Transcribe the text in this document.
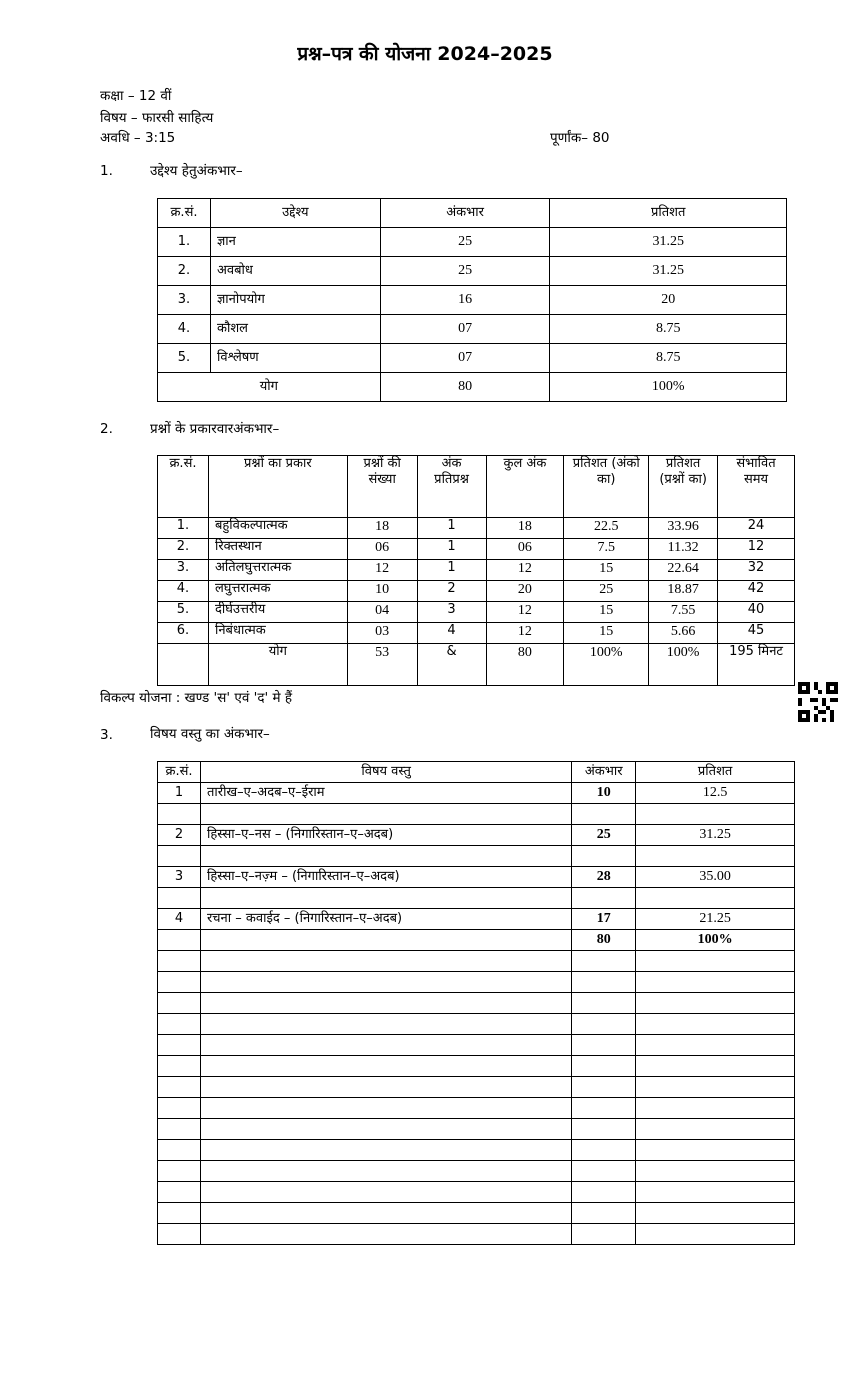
प्रश्न–पत्र की योजना 2024–2025
कक्षा – 12 वीं
विषय – फारसी साहित्य
अवधि – 3:15	पूर्णांक– 80
1.	उद्देश्य हेतुअंकभार–
क्र.सं.	उद्देश्य	अंकभार	प्रतिशत
1.	ज्ञान	25	31.25
2.	अवबोध	25	31.25
3.	ज्ञानोपयोग	16	20
4.	कौशल	07	8.75
5.	विश्लेषण	07	8.75
योग		80	100%
2.	प्रश्नों के प्रकारवारअंकभार–
क्र.सं.	प्रश्नों का प्रकार	प्रश्नों की संख्या	अंक प्रतिप्रश्न	कुल अंक	प्रतिशत (अंको का)	प्रतिशत (प्रश्नों का)	संभावित समय
1.	बहुविकल्पात्मक	18	1	18	22.5	33.96	24
2.	रिक्तस्थान	06	1	06	7.5	11.32	12
3.	अतिलघुत्तरात्मक	12	1	12	15	22.64	32
4.	लघुत्तरात्मक	10	2	20	25	18.87	42
5.	दीर्घउत्तरीय	04	3	12	15	7.55	40
6.	निबंधात्मक	03	4	12	15	5.66	45
	योग	53	&	80	100%	100%	195 मिनट
विकल्प योजना : खण्ड 'स' एवं 'द' मे हैं
3.	विषय वस्तु का अंकभार–
क्र.सं.	विषय वस्तु	अंकभार	प्रतिशत
1	तारीख–ए–अदब–ए–ईराम	10	12.5

2	हिस्सा–ए–नस – (निगारिस्तान–ए–अदब)	25	31.25

3	हिस्सा–ए–नज़्म – (निगारिस्तान–ए–अदब)	28	35.00

4	रचना – कवाईद – (निगारिस्तान–ए–अदब)	17	21.25
		80	100%
